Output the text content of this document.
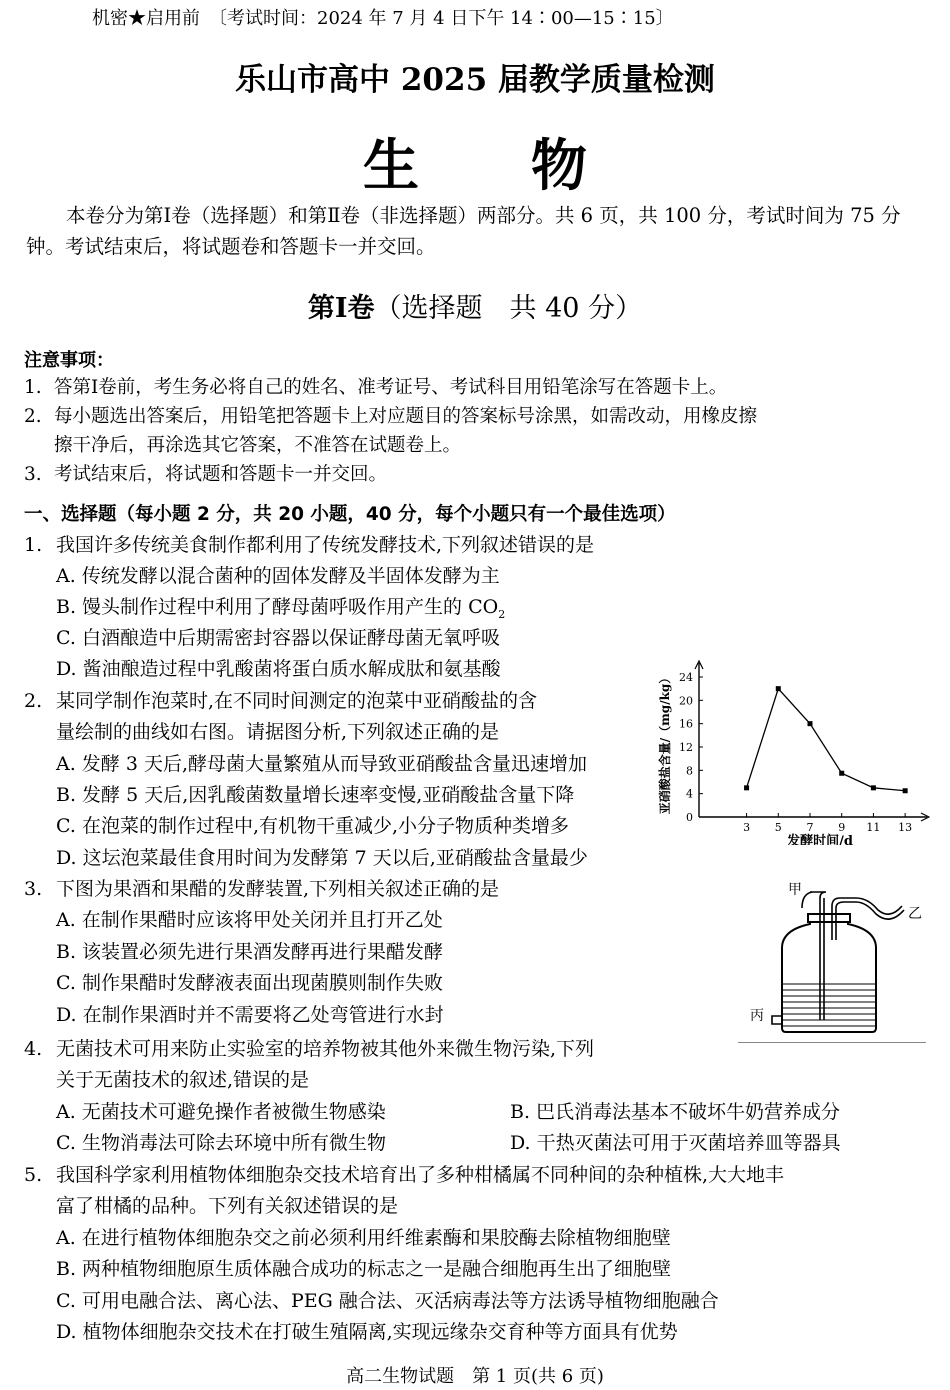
机密★启用前　〔考试时间：2024 年 7 月 4 日下午 14∶00—15∶15〕
乐山市高中 2025 届教学质量检测
生物
本卷分为第Ⅰ卷（选择题）和第Ⅱ卷（非选择题）两部分。共 6 页，共 100 分，考试时间为 75 分钟。考试结束后，将试题卷和答题卡一并交回。
第Ⅰ卷（选择题　共 40 分）
注意事项：
1. 答第Ⅰ卷前，考生务必将自己的姓名、准考证号、考试科目用铅笔涂写在答题卡上。
2. 每小题选出答案后，用铅笔把答题卡上对应题目的答案标号涂黑，如需改动，用橡皮擦
擦干净后，再涂选其它答案，不准答在试题卷上。
3. 考试结束后，将试题和答题卡一并交回。
一、选择题（每小题 2 分，共 20 小题，40 分，每个小题只有一个最佳选项）
1. 我国许多传统美食制作都利用了传统发酵技术,下列叙述错误的是
A. 传统发酵以混合菌种的固体发酵及半固体发酵为主
B. 馒头制作过程中利用了酵母菌呼吸作用产生的 $CO_2$
C. 白酒酿造中后期需密封容器以保证酵母菌无氧呼吸
D. 酱油酿造过程中乳酸菌将蛋白质水解成肽和氨基酸
2. 某同学制作泡菜时,在不同时间测定的泡菜中亚硝酸盐的含
量绘制的曲线如右图。请据图分析,下列叙述正确的是
A. 发酵 3 天后,酵母菌大量繁殖从而导致亚硝酸盐含量迅速增加
B. 发酵 5 天后,因乳酸菌数量增长速率变慢,亚硝酸盐含量下降
C. 在泡菜的制作过程中,有机物干重减少,小分子物质种类增多
D. 这坛泡菜最佳食用时间为发酵第 7 天以后,亚硝酸盐含量最少
3. 下图为果酒和果醋的发酵装置,下列相关叙述正确的是
A. 在制作果醋时应该将甲处关闭并且打开乙处
B. 该装置必须先进行果酒发酵再进行果醋发酵
C. 制作果醋时发酵液表面出现菌膜则制作失败
D. 在制作果酒时并不需要将乙处弯管进行水封
4. 无菌技术可用来防止实验室的培养物被其他外来微生物污染,下列
关于无菌技术的叙述,错误的是
A. 无菌技术可避免操作者被微生物感染	B. 巴氏消毒法基本不破坏牛奶营养成分
C. 生物消毒法可除去环境中所有微生物	D. 干热灭菌法可用于灭菌培养皿等器具
5. 我国科学家利用植物体细胞杂交技术培育出了多种柑橘属不同种间的杂种植株,大大地丰
富了柑橘的品种。下列有关叙述错误的是
A. 在进行植物体细胞杂交之前必须利用纤维素酶和果胶酶去除植物细胞壁
B. 两种植物细胞原生质体融合成功的标志之一是融合细胞再生出了细胞壁
C. 可用电融合法、离心法、PEG 融合法、灭活病毒法等方法诱导植物细胞融合
D. 植物体细胞杂交技术在打破生殖隔离,实现远缘杂交育种等方面具有优势
0
4
8
12
16
20
24
3 5 7 9 11 13
发酵时间/d
亚硝酸盐含量/（mg/kg）
甲
乙
丙
高二生物试题　第 1 页(共 6 页)
